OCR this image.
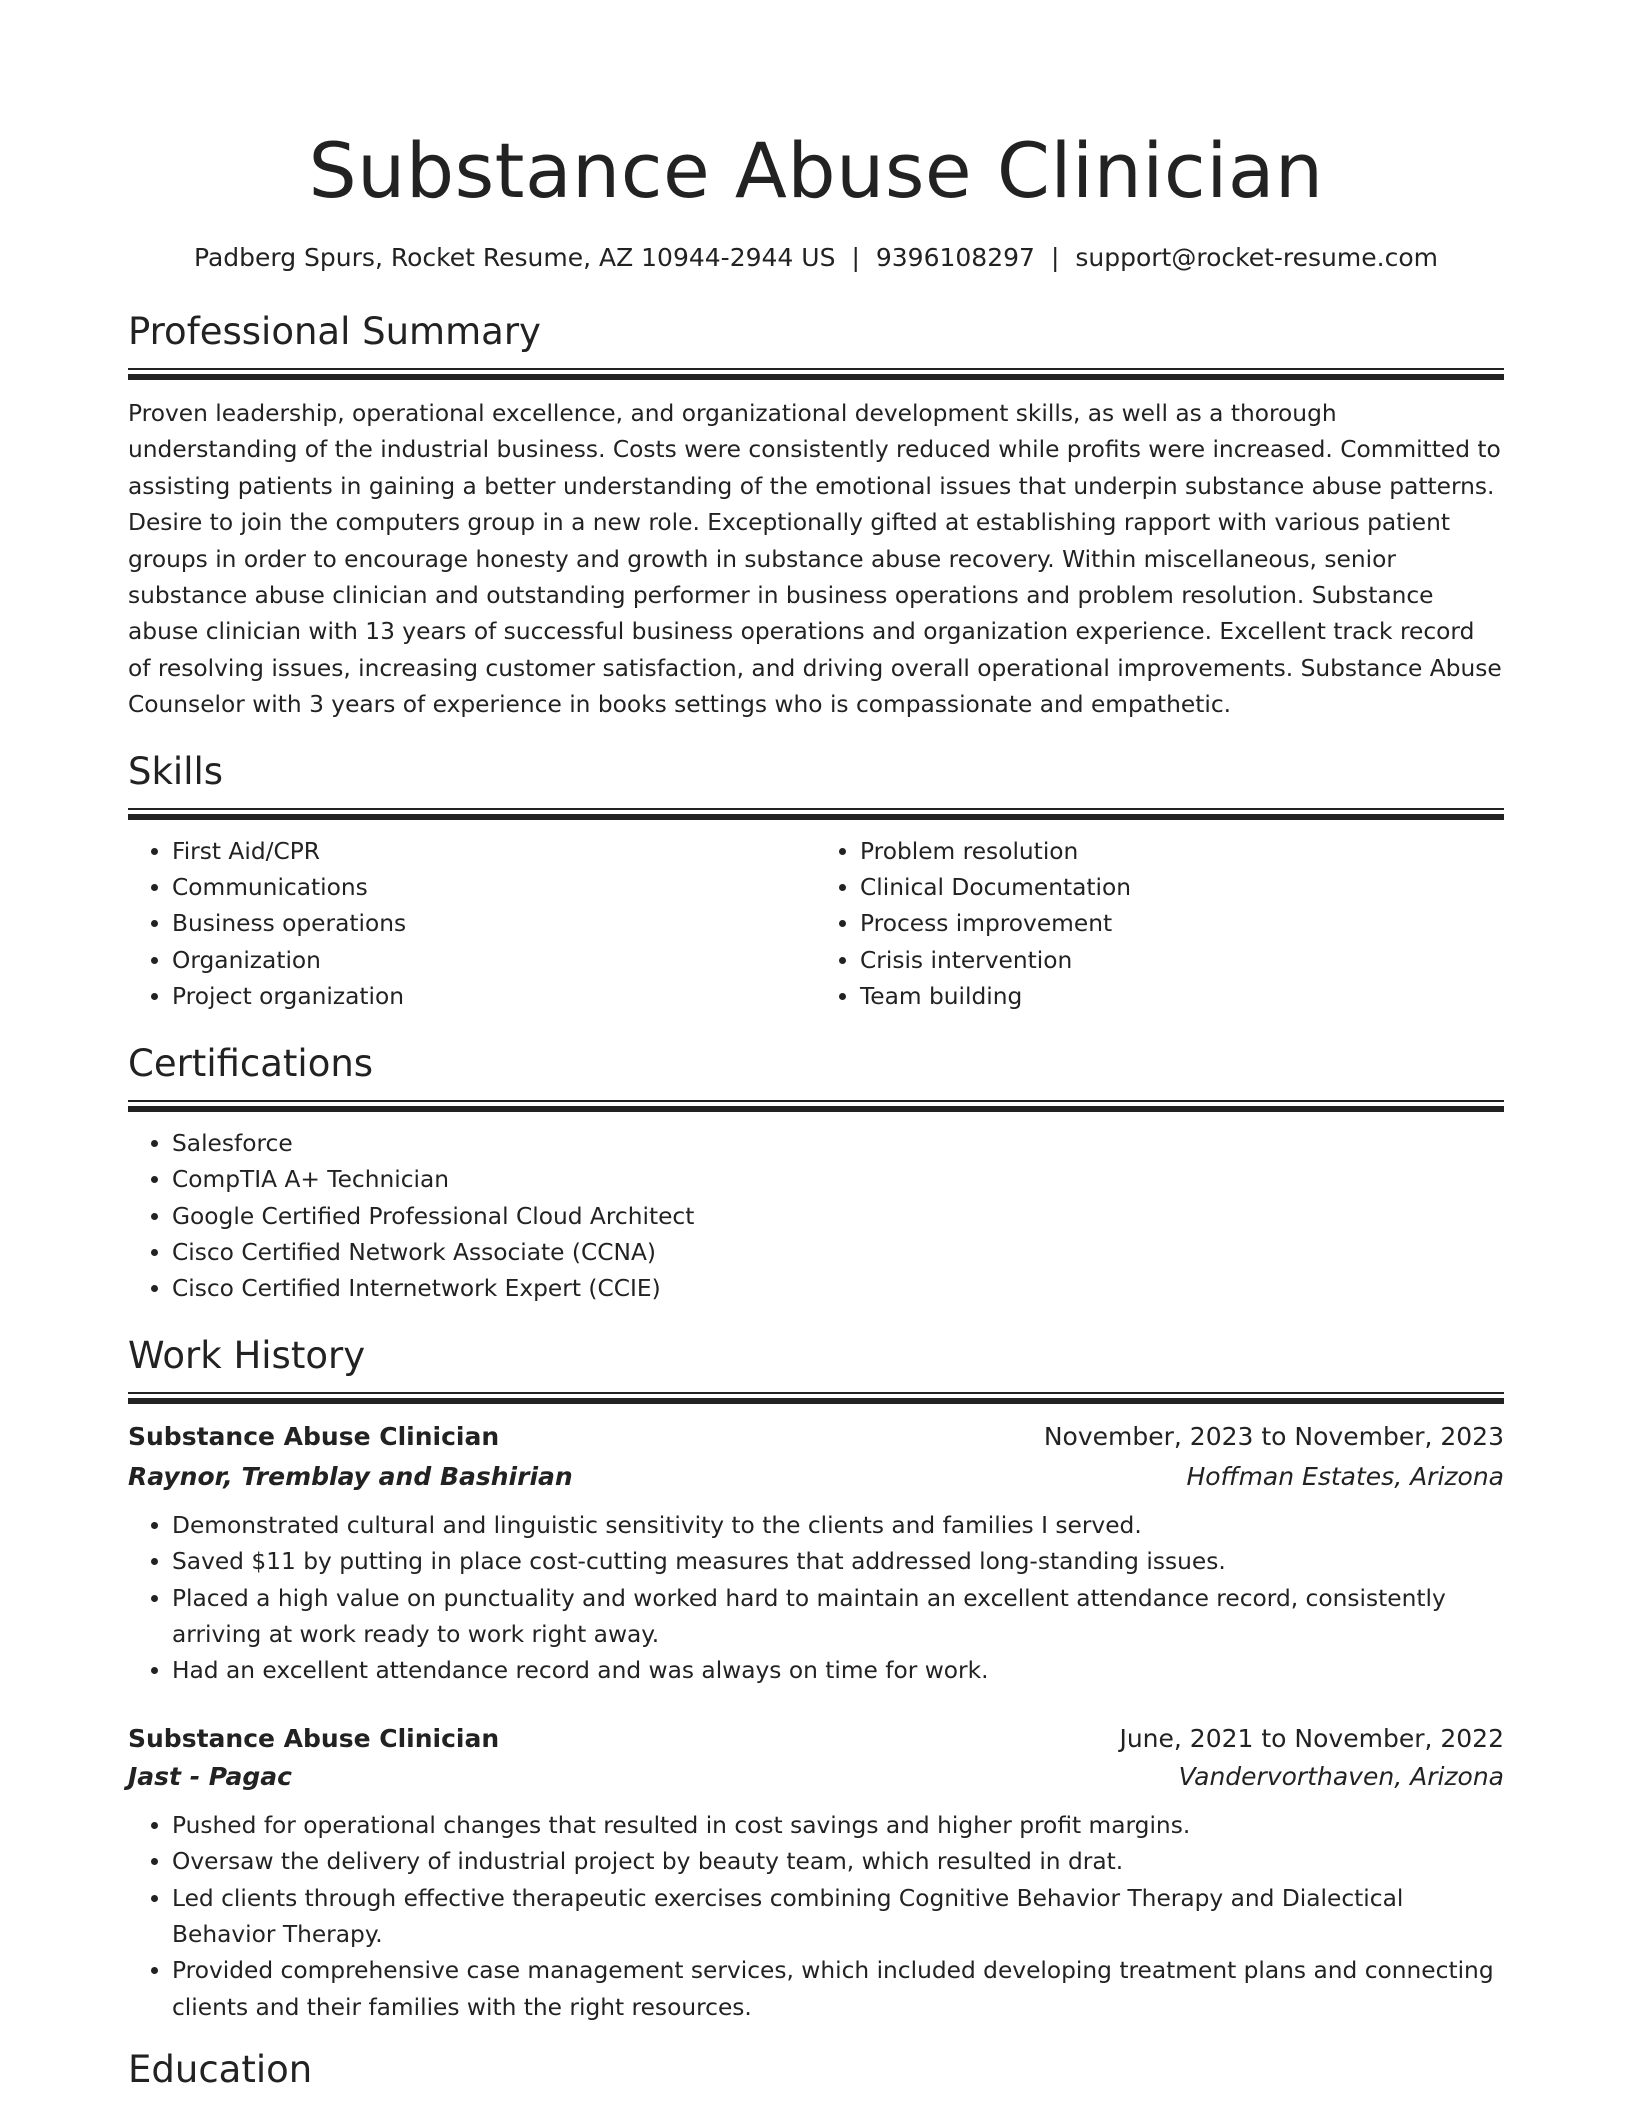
Substance Abuse Clinician
Padberg Spurs, Rocket Resume, AZ 10944-2944 US | 9396108297 | support@rocket-resume.com
Professional Summary
Proven leadership, operational excellence, and organizational development skills, as well as a thorough understanding of the industrial business. Costs were consistently reduced while profits were increased. Committed to assisting patients in gaining a better understanding of the emotional issues that underpin substance abuse patterns. Desire to join the computers group in a new role. Exceptionally gifted at establishing rapport with various patient groups in order to encourage honesty and growth in substance abuse recovery. Within miscellaneous, senior substance abuse clinician and outstanding performer in business operations and problem resolution. Substance abuse clinician with 13 years of successful business operations and organization experience. Excellent track record of resolving issues, increasing customer satisfaction, and driving overall operational improvements. Substance Abuse Counselor with 3 years of experience in books settings who is compassionate and empathetic.
Skills
• First Aid/CPR
• Communications
• Business operations
• Organization
• Project organization
• Problem resolution
• Clinical Documentation
• Process improvement
• Crisis intervention
• Team building
Certifications
• Salesforce
• CompTIA A+ Technician
• Google Certified Professional Cloud Architect
• Cisco Certified Network Associate (CCNA)
• Cisco Certified Internetwork Expert (CCIE)
Work History
Substance Abuse Clinician	November, 2023 to November, 2023
Raynor, Tremblay and Bashirian	Hoffman Estates, Arizona
• Demonstrated cultural and linguistic sensitivity to the clients and families I served.
• Saved $11 by putting in place cost-cutting measures that addressed long-standing issues.
• Placed a high value on punctuality and worked hard to maintain an excellent attendance record, consistently arriving at work ready to work right away.
• Had an excellent attendance record and was always on time for work.
Substance Abuse Clinician	June, 2021 to November, 2022
Jast - Pagac	Vandervorthaven, Arizona
• Pushed for operational changes that resulted in cost savings and higher profit margins.
• Oversaw the delivery of industrial project by beauty team, which resulted in drat.
• Led clients through effective therapeutic exercises combining Cognitive Behavior Therapy and Dialectical Behavior Therapy.
• Provided comprehensive case management services, which included developing treatment plans and connecting clients and their families with the right resources.
Education
